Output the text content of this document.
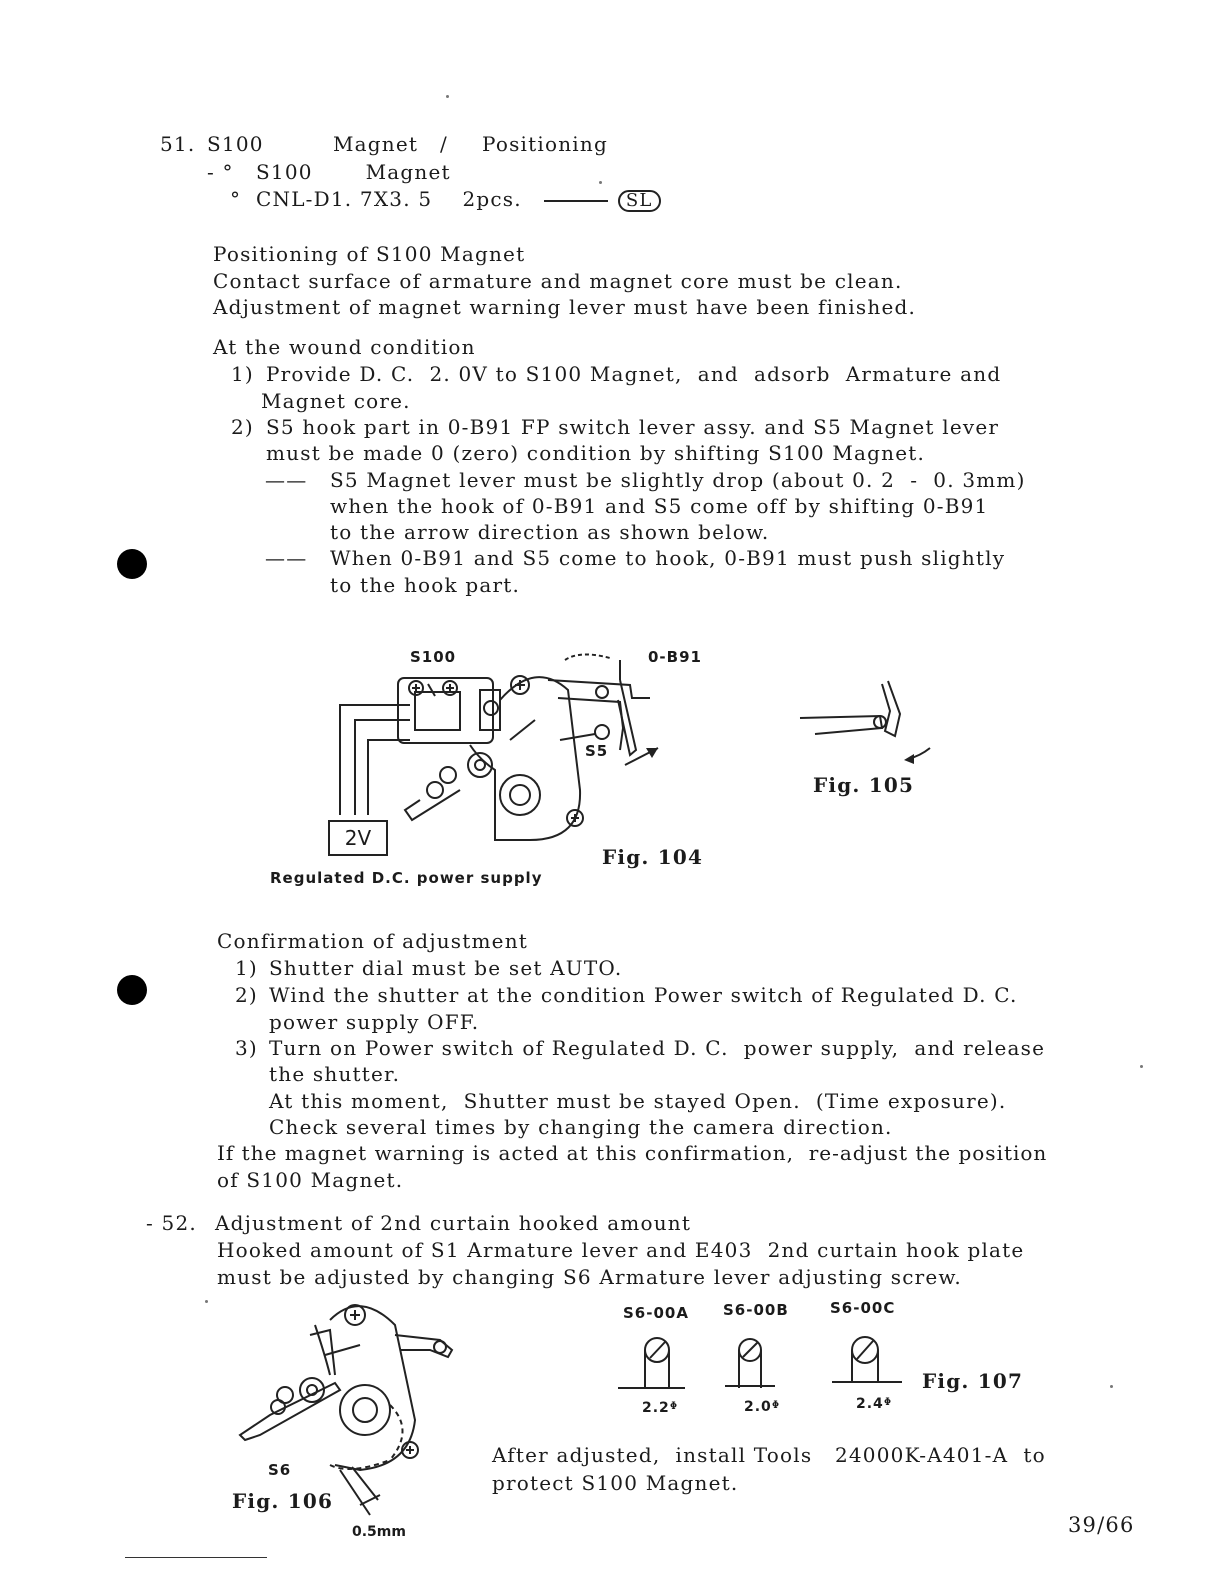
51. S100	Magnet / Positioning
- ° S100       Magnet
° CNL-D1. 7X3. 5    2pcs.	SL
Positioning of S100 Magnet
Contact surface of armature and magnet core must be clean.
Adjustment of magnet warning lever must have been finished.
At the wound condition
1) Provide D. C.  2. 0V to S100 Magnet,  and  adsorb  Armature and
Magnet core.
2) S5 hook part in 0-B91 FP switch lever assy. and S5 Magnet lever
must be made 0 (zero) condition by shifting S100 Magnet.
—— S5 Magnet lever must be slightly drop (about 0. 2  -  0. 3mm)
when the hook of 0-B91 and S5 come off by shifting 0-B91
to the arrow direction as shown below.
—— When 0-B91 and S5 come to hook, 0-B91 must push slightly
to the hook part.
S100	0-B91
S5
2V
Regulated D.C. power supply
Fig. 104
Fig. 105
Confirmation of adjustment
1) Shutter dial must be set AUTO.
2) Wind the shutter at the condition Power switch of Regulated D. C.
power supply OFF.
3) Turn on Power switch of Regulated D. C.  power supply,  and release
the shutter.
At this moment,  Shutter must be stayed Open.  (Time exposure).
Check several times by changing the camera direction.
If the magnet warning is acted at this confirmation,  re-adjust the position
of S100 Magnet.
- 52. Adjustment of 2nd curtain hooked amount
Hooked amount of S1 Armature lever and E403  2nd curtain hook plate
must be adjusted by changing S6 Armature lever adjusting screw.
S6
Fig. 106
0.5mm
S6-00A S6-00B	S6-00C
2.2ᶲ	2.0ᶲ	2.4ᶲ
Fig. 107
After adjusted,  install Tools   24000K-A401-A  to
protect S100 Magnet.
39/66
